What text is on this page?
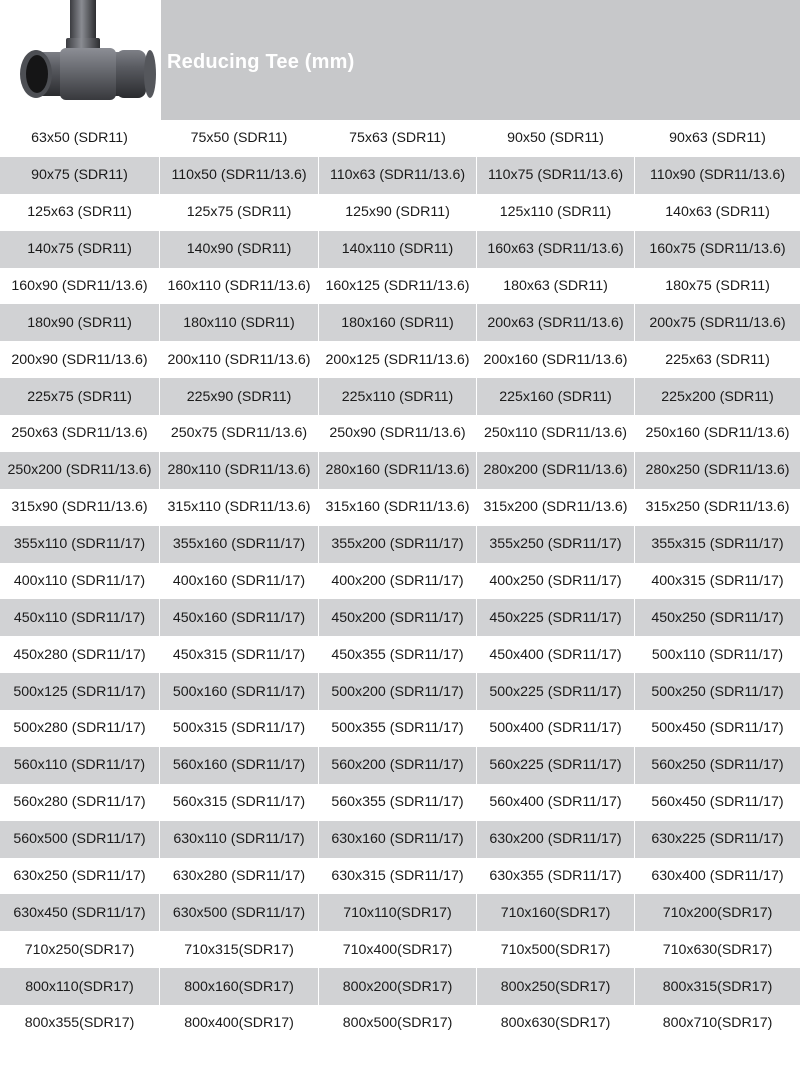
Reducing Tee (mm)
63x50 (SDR11)	75x50 (SDR11)	75x63 (SDR11)	90x50 (SDR11)	90x63 (SDR11)
90x75 (SDR11)	110x50 (SDR11/13.6)	110x63 (SDR11/13.6)	110x75 (SDR11/13.6)	110x90 (SDR11/13.6)
125x63 (SDR11)	125x75 (SDR11)	125x90 (SDR11)	125x110 (SDR11)	140x63 (SDR11)
140x75 (SDR11)	140x90 (SDR11)	140x110 (SDR11)	160x63 (SDR11/13.6)	160x75 (SDR11/13.6)
160x90 (SDR11/13.6)	160x110 (SDR11/13.6)	160x125 (SDR11/13.6)	180x63 (SDR11)	180x75 (SDR11)
180x90 (SDR11)	180x110 (SDR11)	180x160 (SDR11)	200x63 (SDR11/13.6)	200x75 (SDR11/13.6)
200x90 (SDR11/13.6)	200x110 (SDR11/13.6)	200x125 (SDR11/13.6) 200x160 (SDR11/13.6)	225x63 (SDR11)
225x75 (SDR11)	225x90 (SDR11)	225x110 (SDR11)	225x160 (SDR11)	225x200 (SDR11)
250x63 (SDR11/13.6)	250x75 (SDR11/13.6)	250x90 (SDR11/13.6)	250x110 (SDR11/13.6)	250x160 (SDR11/13.6)
250x200 (SDR11/13.6)	280x110 (SDR11/13.6)	280x160 (SDR11/13.6) 280x200 (SDR11/13.6)	280x250 (SDR11/13.6)
315x90 (SDR11/13.6)	315x110 (SDR11/13.6)	315x160 (SDR11/13.6) 315x200 (SDR11/13.6)	315x250 (SDR11/13.6)
355x110 (SDR11/17)	355x160 (SDR11/17)	355x200 (SDR11/17)	355x250 (SDR11/17)	355x315 (SDR11/17)
400x110 (SDR11/17)	400x160 (SDR11/17)	400x200 (SDR11/17)	400x250 (SDR11/17)	400x315 (SDR11/17)
450x110 (SDR11/17)	450x160 (SDR11/17)	450x200 (SDR11/17)	450x225 (SDR11/17)	450x250 (SDR11/17)
450x280 (SDR11/17)	450x315 (SDR11/17)	450x355 (SDR11/17)	450x400 (SDR11/17)	500x110 (SDR11/17)
500x125 (SDR11/17)	500x160 (SDR11/17)	500x200 (SDR11/17)	500x225 (SDR11/17)	500x250 (SDR11/17)
500x280 (SDR11/17)	500x315 (SDR11/17)	500x355 (SDR11/17)	500x400 (SDR11/17)	500x450 (SDR11/17)
560x110 (SDR11/17)	560x160 (SDR11/17)	560x200 (SDR11/17)	560x225 (SDR11/17)	560x250 (SDR11/17)
560x280 (SDR11/17)	560x315 (SDR11/17)	560x355 (SDR11/17)	560x400 (SDR11/17)	560x450 (SDR11/17)
560x500 (SDR11/17)	630x110 (SDR11/17)	630x160 (SDR11/17)	630x200 (SDR11/17)	630x225 (SDR11/17)
630x250 (SDR11/17)	630x280 (SDR11/17)	630x315 (SDR11/17)	630x355 (SDR11/17)	630x400 (SDR11/17)
630x450 (SDR11/17)	630x500 (SDR11/17)	710x110(SDR17)	710x160(SDR17)	710x200(SDR17)
710x250(SDR17)	710x315(SDR17)	710x400(SDR17)	710x500(SDR17)	710x630(SDR17)
800x110(SDR17)	800x160(SDR17)	800x200(SDR17)	800x250(SDR17)	800x315(SDR17)
800x355(SDR17)	800x400(SDR17)	800x500(SDR17)	800x630(SDR17)	800x710(SDR17)
